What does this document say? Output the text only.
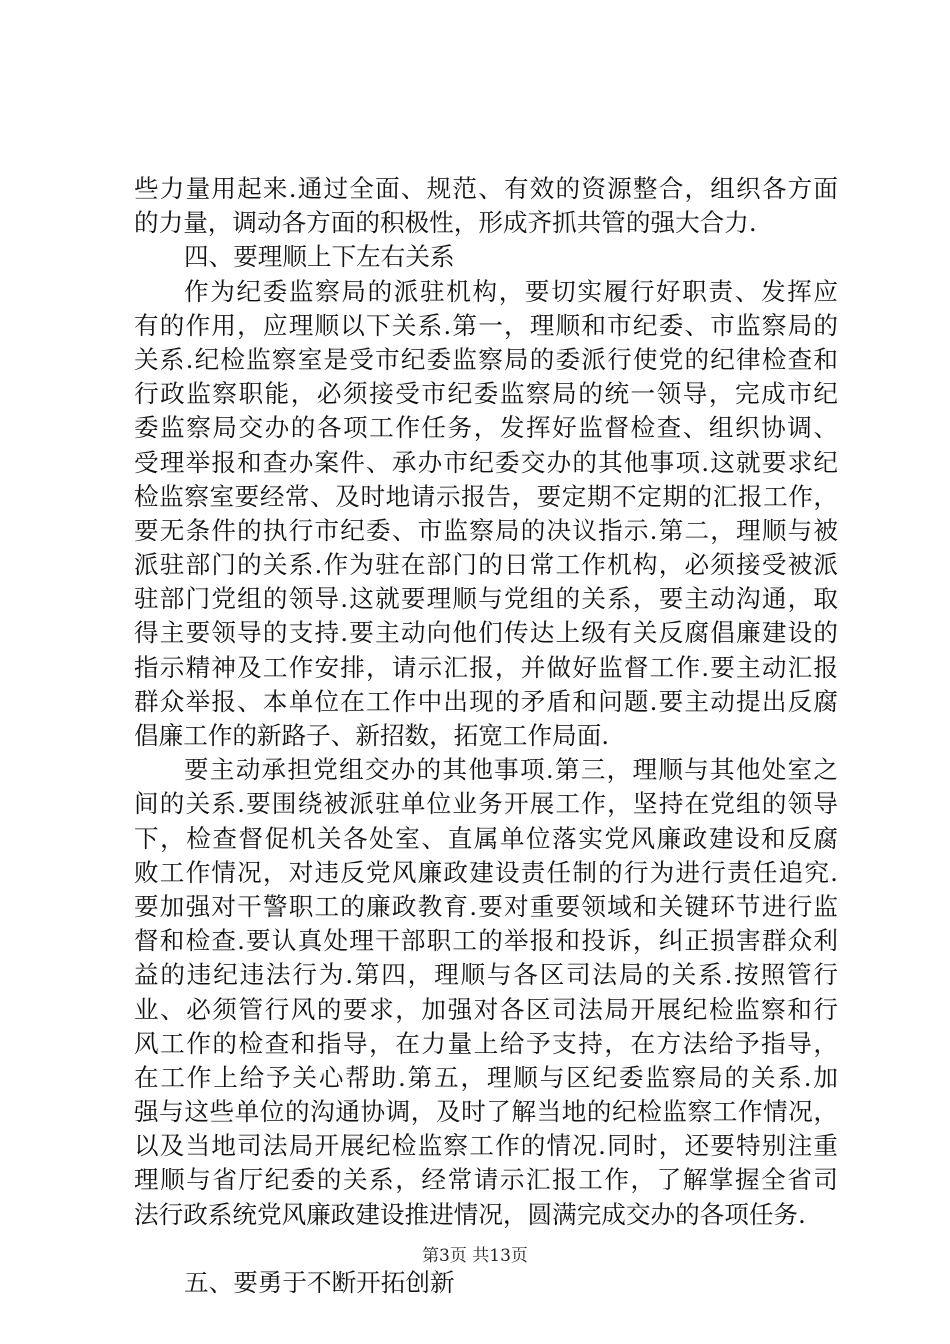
些力量用起来.通过全面、规范、有效的资源整合，组织各方面
的力量，调动各方面的积极性，形成齐抓共管的强大合力.
四、要理顺上下左右关系
作为纪委监察局的派驻机构，要切实履行好职责、发挥应
有的作用，应理顺以下关系.第一，理顺和市纪委、市监察局的
关系.纪检监察室是受市纪委监察局的委派行使党的纪律检查和
行政监察职能，必须接受市纪委监察局的统一领导，完成市纪
委监察局交办的各项工作任务，发挥好监督检查、组织协调、
受理举报和查办案件、承办市纪委交办的其他事项.这就要求纪
检监察室要经常、及时地请示报告，要定期不定期的汇报工作，
要无条件的执行市纪委、市监察局的决议指示.第二，理顺与被
派驻部门的关系.作为驻在部门的日常工作机构，必须接受被派
驻部门党组的领导.这就要理顺与党组的关系，要主动沟通，取
得主要领导的支持.要主动向他们传达上级有关反腐倡廉建设的
指示精神及工作安排，请示汇报，并做好监督工作.要主动汇报
群众举报、本单位在工作中出现的矛盾和问题.要主动提出反腐
倡廉工作的新路子、新招数，拓宽工作局面.
要主动承担党组交办的其他事项.第三，理顺与其他处室之
间的关系.要围绕被派驻单位业务开展工作，坚持在党组的领导
下，检查督促机关各处室、直属单位落实党风廉政建设和反腐
败工作情况，对违反党风廉政建设责任制的行为进行责任追究.
要加强对干警职工的廉政教育.要对重要领域和关键环节进行监
督和检查.要认真处理干部职工的举报和投诉，纠正损害群众利
益的违纪违法行为.第四，理顺与各区司法局的关系.按照管行
业、必须管行风的要求，加强对各区司法局开展纪检监察和行
风工作的检查和指导，在力量上给予支持，在方法给予指导，
在工作上给予关心帮助.第五，理顺与区纪委监察局的关系.加
强与这些单位的沟通协调，及时了解当地的纪检监察工作情况，
以及当地司法局开展纪检监察工作的情况.同时，还要特别注重
理顺与省厅纪委的关系，经常请示汇报工作，了解掌握全省司
法行政系统党风廉政建设推进情况，圆满完成交办的各项任务.
五、要勇于不断开拓创新
第3页 共13页
